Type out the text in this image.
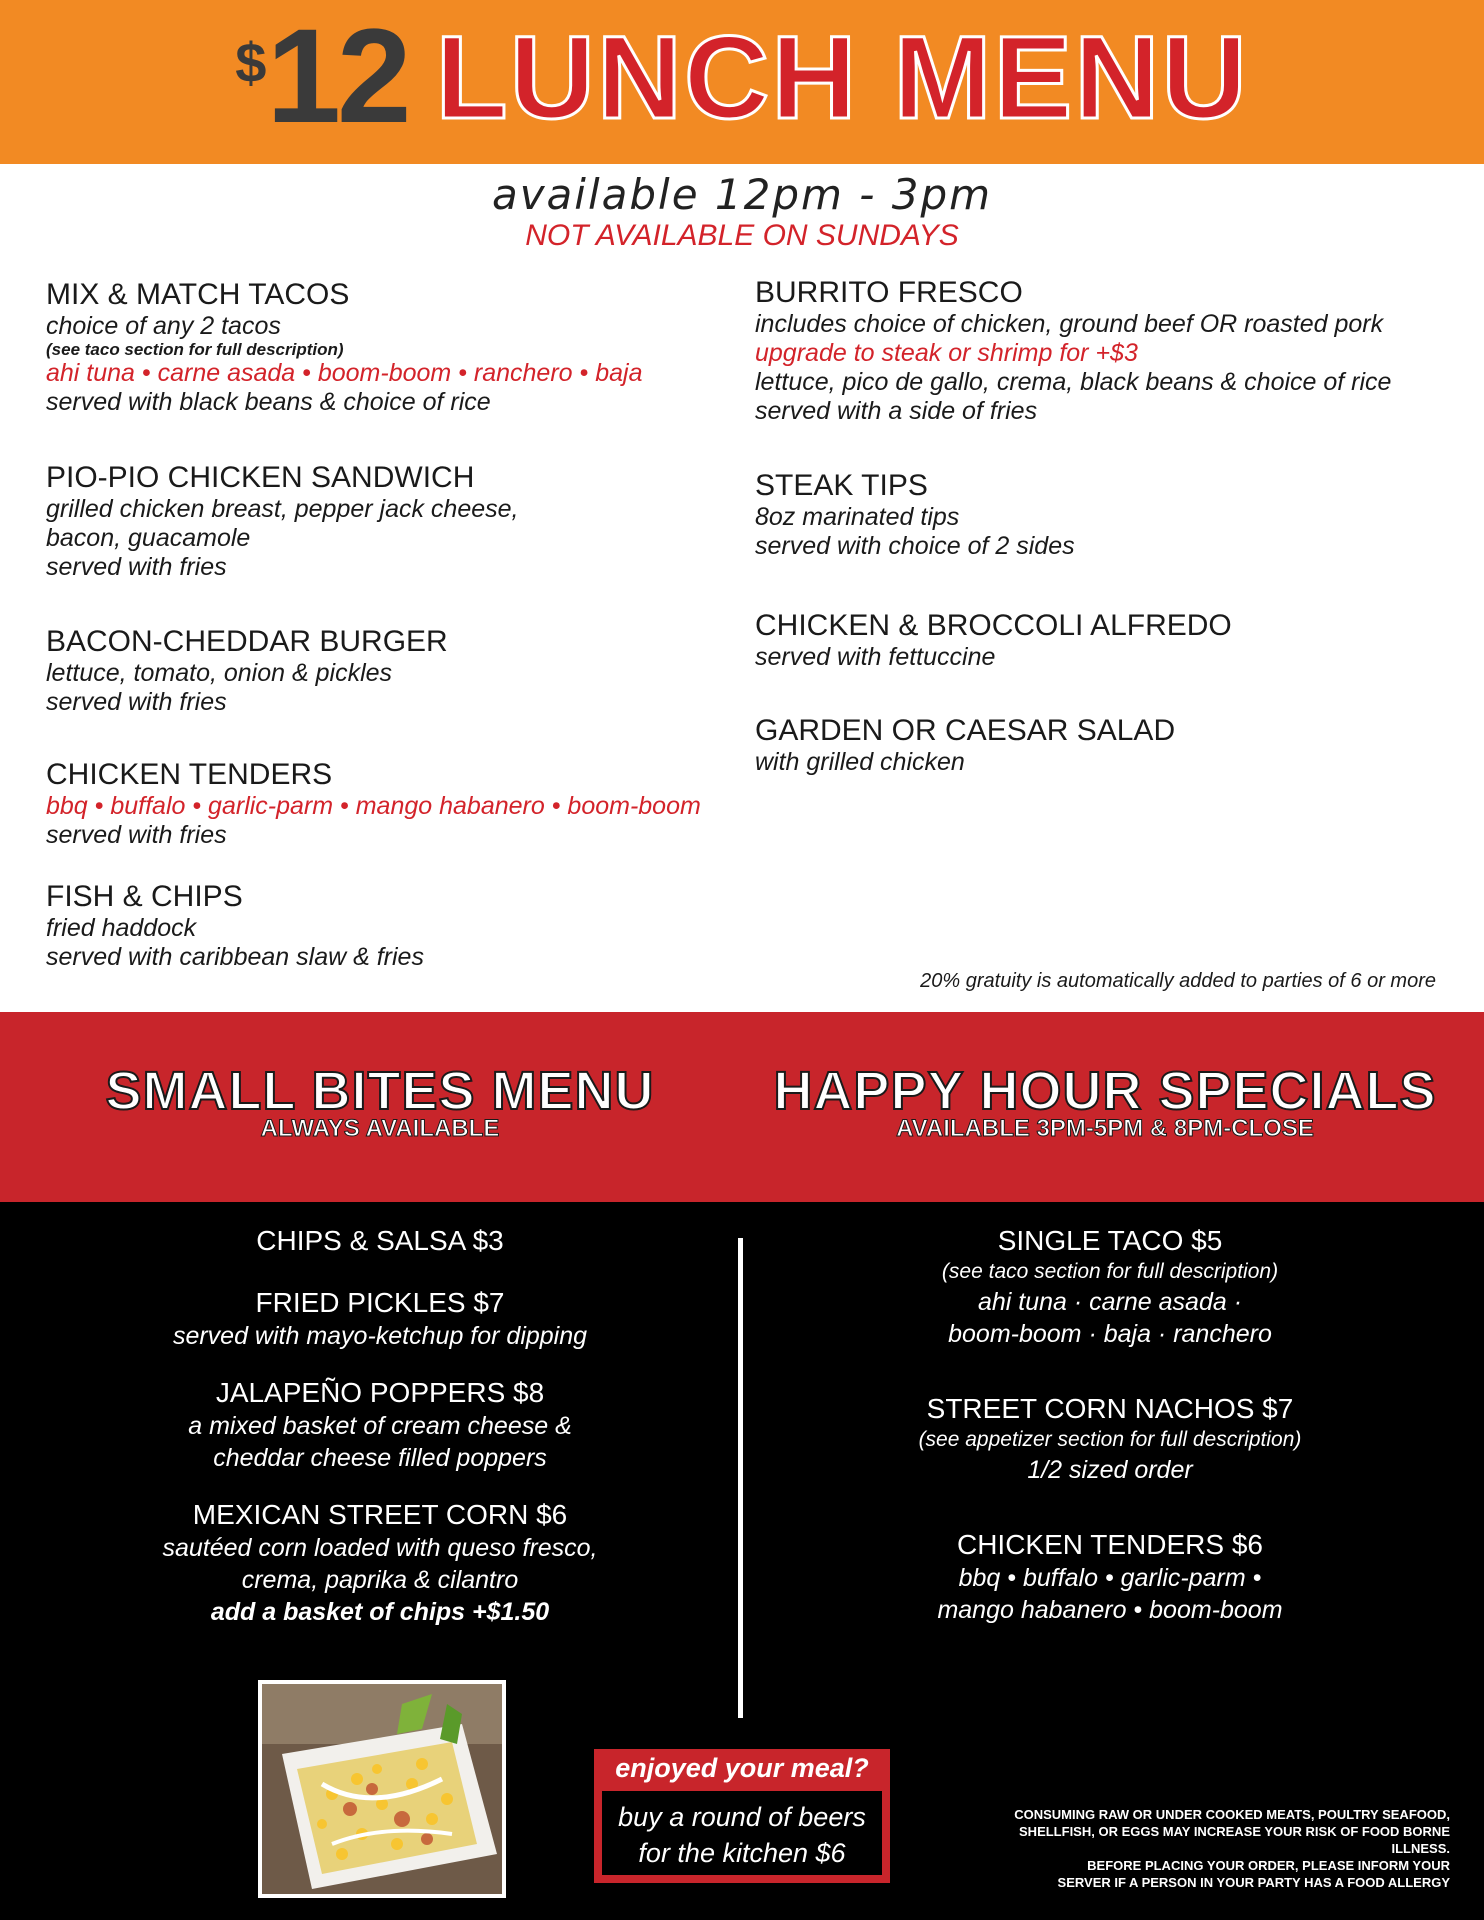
$12 LUNCH MENU
available 12pm - 3pm
NOT AVAILABLE ON SUNDAYS
MIX & MATCH TACOS
choice of any 2 tacos
(see taco section for full description)
ahi tuna • carne asada • boom-boom • ranchero • baja
served with black beans & choice of rice
PIO-PIO CHICKEN SANDWICH
grilled chicken breast, pepper jack cheese,
bacon, guacamole
served with fries
BACON-CHEDDAR BURGER
lettuce, tomato, onion & pickles
served with fries
CHICKEN TENDERS
bbq • buffalo • garlic-parm • mango habanero • boom-boom
served with fries
FISH & CHIPS
fried haddock
served with caribbean slaw & fries
BURRITO FRESCO
includes choice of chicken, ground beef OR roasted pork
upgrade to steak or shrimp for +$3
lettuce, pico de gallo, crema, black beans & choice of rice
served with a side of fries
STEAK TIPS
8oz marinated tips
served with choice of 2 sides
CHICKEN & BROCCOLI ALFREDO
served with fettuccine
GARDEN OR CAESAR SALAD
with grilled chicken
20% gratuity is automatically added to parties of 6 or more
SMALL BITES MENU
ALWAYS AVAILABLE
HAPPY HOUR SPECIALS
AVAILABLE 3PM-5PM & 8PM-CLOSE
CHIPS & SALSA $3
FRIED PICKLES $7
served with mayo-ketchup for dipping
JALAPEÑO POPPERS $8
a mixed basket of cream cheese &
cheddar cheese filled poppers
MEXICAN STREET CORN $6
sautéed corn loaded with queso fresco,
crema, paprika & cilantro
add a basket of chips +$1.50
SINGLE TACO $5
(see taco section for full description)
ahi tuna · carne asada ·
boom-boom · baja · ranchero
STREET CORN NACHOS $7
(see appetizer section for full description)
1/2 sized order
CHICKEN TENDERS $6
bbq • buffalo • garlic-parm •
mango habanero • boom-boom
enjoyed your meal?
buy a round of beers
for the kitchen $6
CONSUMING RAW OR UNDER COOKED MEATS, POULTRY SEAFOOD,
SHELLFISH, OR EGGS MAY INCREASE YOUR RISK OF FOOD BORNE ILLNESS.
BEFORE PLACING YOUR ORDER, PLEASE INFORM YOUR
SERVER IF A PERSON IN YOUR PARTY HAS A FOOD ALLERGY
